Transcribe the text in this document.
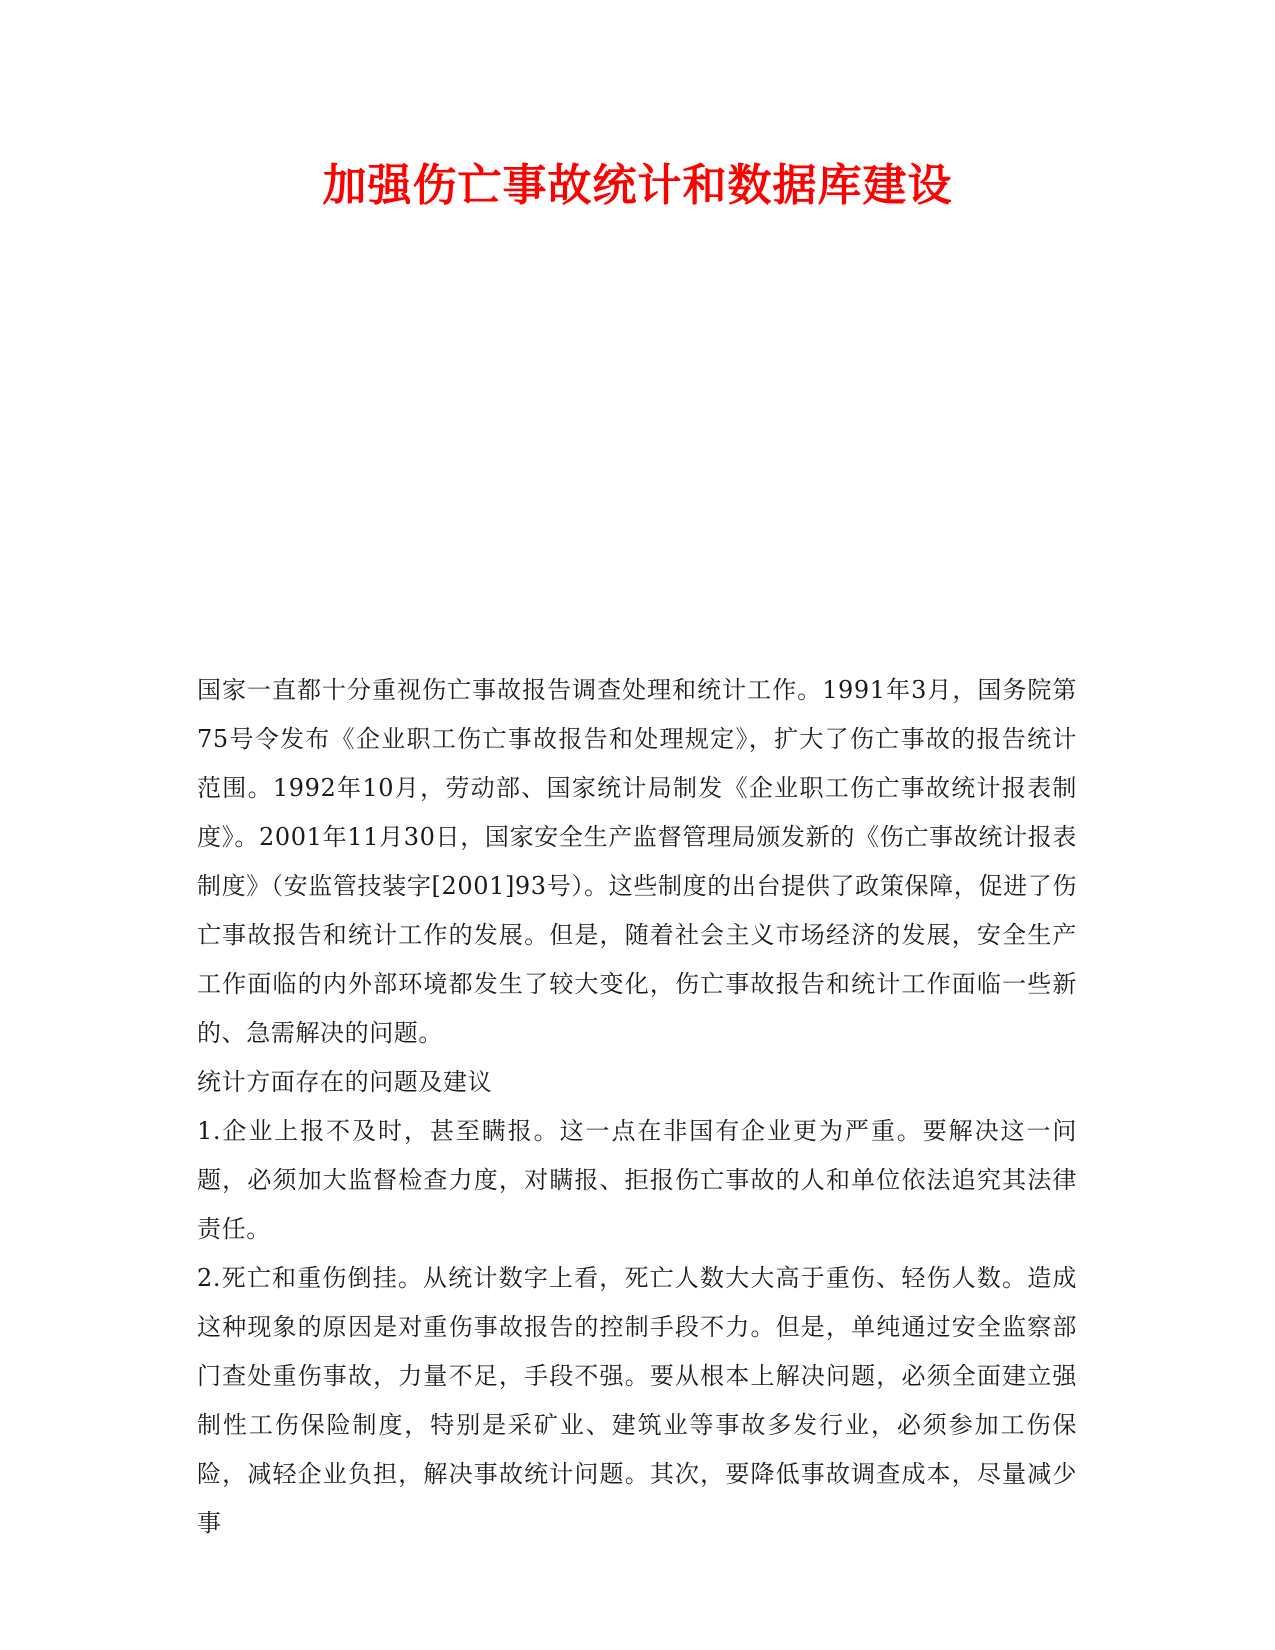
加强伤亡事故统计和数据库建设

国家一直都十分重视伤亡事故报告调查处理和统计工作。1991年3月，国务院第75号令发布《企业职工伤亡事故报告和处理规定》，扩大了伤亡事故的报告统计范围。1992年10月，劳动部、国家统计局制发《企业职工伤亡事故统计报表制度》。2001年11月30日，国家安全生产监督管理局颁发新的《伤亡事故统计报表制度》（安监管技装字[2001]93号）。这些制度的出台提供了政策保障，促进了伤亡事故报告和统计工作的发展。但是，随着社会主义市场经济的发展，安全生产工作面临的内外部环境都发生了较大变化，伤亡事故报告和统计工作面临一些新的、急需解决的问题。

统计方面存在的问题及建议

1.企业上报不及时，甚至瞒报。这一点在非国有企业更为严重。要解决这一问题，必须加大监督检查力度，对瞒报、拒报伤亡事故的人和单位依法追究其法律责任。

2.死亡和重伤倒挂。从统计数字上看，死亡人数大大高于重伤、轻伤人数。造成这种现象的原因是对重伤事故报告的控制手段不力。但是，单纯通过安全监察部门查处重伤事故，力量不足，手段不强。要从根本上解决问题，必须全面建立强制性工伤保险制度，特别是采矿业、建筑业等事故多发行业，必须参加工伤保险，减轻企业负担，解决事故统计问题。其次，要降低事故调查成本，尽量减少事
